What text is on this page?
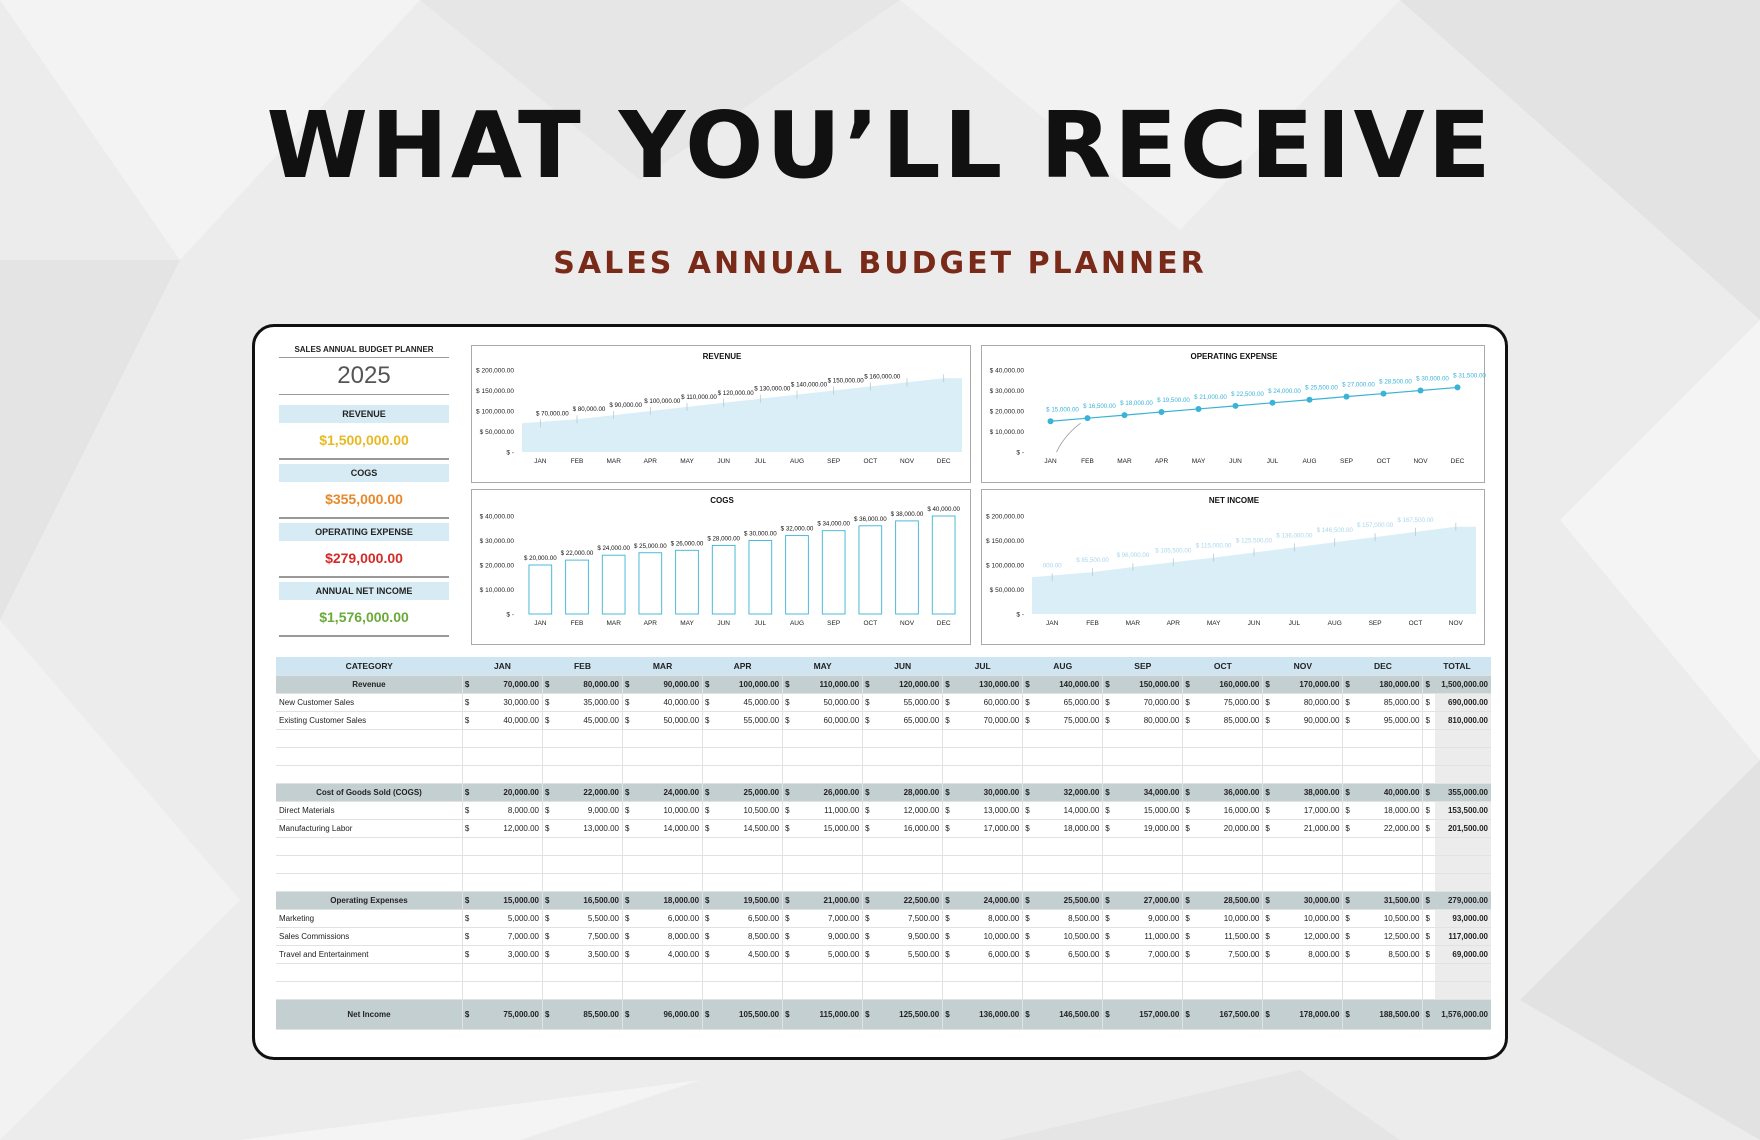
WHAT YOU’LL RECEIVE
SALES ANNUAL BUDGET PLANNER
SALES ANNUAL BUDGET PLANNER
2025
REVENUE
$1,500,000.00
COGS
$355,000.00
OPERATING EXPENSE
$279,000.00
ANNUAL NET INCOME
$1,576,000.00
REVENUE
$ -
$ 50,000.00
$ 100,000.00
$ 150,000.00
$ 200,000.00
JAN	FEB	MAR	APR	MAY	JUN	JUL	AUG	SEP	OCT	NOV	DEC
$ 70,000.00
$ 80,000.00
$ 90,000.00
$ 100,000.00
$ 110,000.00
$ 120,000.00
$ 130,000.00
$ 140,000.00
$ 150,000.00
$ 160,000.00
OPERATING EXPENSE
$ -
$ 10,000.00
$ 20,000.00
$ 30,000.00
$ 40,000.00
JAN	FEB	MAR	APR	MAY	JUN	JUL	AUG	SEP	OCT	NOV	DEC
$ 15,000.00 $ 16,500.00 $ 18,000.00 $ 19,500.00 $ 21,000.00 $ 22,500.00 $ 24,000.00 $ 25,500.00 $ 27,000.00 $ 28,500.00 $ 30,000.00 $ 31,500.00
COGS
$ -
$ 10,000.00
$ 20,000.00
$ 30,000.00
$ 40,000.00
JAN	FEB	MAR	APR	MAY	JUN	JUL	AUG	SEP	OCT	NOV	DEC
$ 20,000.00
$ 22,000.00
$ 24,000.00 $ 25,000.00 $ 26,000.00
$ 28,000.00
$ 30,000.00
$ 32,000.00
$ 34,000.00
$ 36,000.00
$ 38,000.00
$ 40,000.00
NET INCOME
$ -
$ 50,000.00
$ 100,000.00
$ 150,000.00
$ 200,000.00
JAN	FEB	MAR	APR	MAY	JUN	JUL	AUG	SEP	OCT	NOV
000.00
$ 85,500.00
$ 96,000.00
$ 105,500.00
$ 115,000.00
$ 125,500.00
$ 136,000.00
$ 146,500.00
$ 157,000.00
$ 167,500.00
CATEGORY	JAN		FEB		MAR		APR		MAY		JUN		JUL		AUG		SEP		OCT		NOV		DEC		TOTAL	
Revenue	$	70,000.00	$	80,000.00	$	90,000.00	$	100,000.00	$	110,000.00	$	120,000.00	$	130,000.00	$	140,000.00	$	150,000.00	$	160,000.00	$	170,000.00	$	180,000.00	$	1,500,000.00
New Customer Sales	$	30,000.00	$	35,000.00	$	40,000.00	$	45,000.00	$	50,000.00	$	55,000.00	$	60,000.00	$	65,000.00	$	70,000.00	$	75,000.00	$	80,000.00	$	85,000.00	$	690,000.00
Existing Customer Sales	$	40,000.00	$	45,000.00	$	50,000.00	$	55,000.00	$	60,000.00	$	65,000.00	$	70,000.00	$	75,000.00	$	80,000.00	$	85,000.00	$	90,000.00	$	95,000.00	$	810,000.00

Cost of Goods Sold (COGS)	$	20,000.00	$	22,000.00	$	24,000.00	$	25,000.00	$	26,000.00	$	28,000.00	$	30,000.00	$	32,000.00	$	34,000.00	$	36,000.00	$	38,000.00	$	40,000.00	$	355,000.00
Direct Materials	$	8,000.00	$	9,000.00	$	10,000.00	$	10,500.00	$	11,000.00	$	12,000.00	$	13,000.00	$	14,000.00	$	15,000.00	$	16,000.00	$	17,000.00	$	18,000.00	$	153,500.00
Manufacturing Labor	$	12,000.00	$	13,000.00	$	14,000.00	$	14,500.00	$	15,000.00	$	16,000.00	$	17,000.00	$	18,000.00	$	19,000.00	$	20,000.00	$	21,000.00	$	22,000.00	$	201,500.00

Operating Expenses	$	15,000.00	$	16,500.00	$	18,000.00	$	19,500.00	$	21,000.00	$	22,500.00	$	24,000.00	$	25,500.00	$	27,000.00	$	28,500.00	$	30,000.00	$	31,500.00	$	279,000.00
Marketing	$	5,000.00	$	5,500.00	$	6,000.00	$	6,500.00	$	7,000.00	$	7,500.00	$	8,000.00	$	8,500.00	$	9,000.00	$	10,000.00	$	10,000.00	$	10,500.00	$	93,000.00
Sales Commissions	$	7,000.00	$	7,500.00	$	8,000.00	$	8,500.00	$	9,000.00	$	9,500.00	$	10,000.00	$	10,500.00	$	11,000.00	$	11,500.00	$	12,000.00	$	12,500.00	$	117,000.00
Travel and Entertainment	$	3,000.00	$	3,500.00	$	4,000.00	$	4,500.00	$	5,000.00	$	5,500.00	$	6,000.00	$	6,500.00	$	7,000.00	$	7,500.00	$	8,000.00	$	8,500.00	$	69,000.00

Net Income	$	75,000.00	$	85,500.00	$	96,000.00	$	105,500.00	$	115,000.00	$	125,500.00	$	136,000.00	$	146,500.00	$	157,000.00	$	167,500.00	$	178,000.00	$	188,500.00	$	1,576,000.00
